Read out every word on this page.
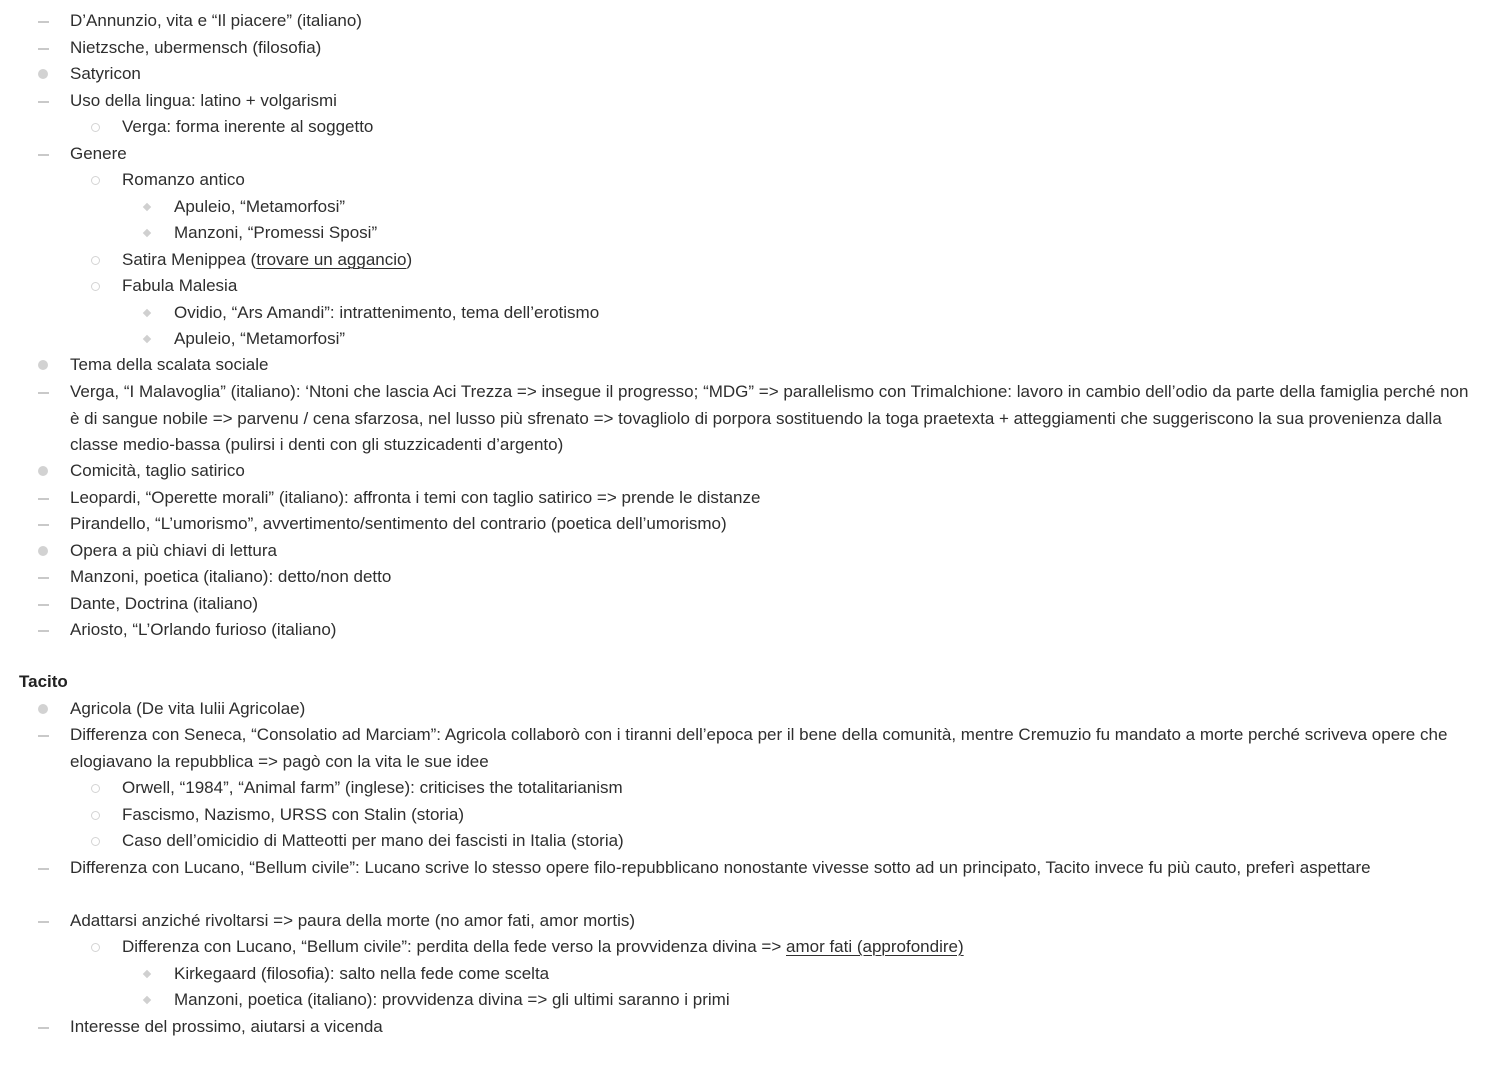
D’Annunzio, vita e “Il piacere” (italiano)
Nietzsche, ubermensch (filosofia)
Satyricon
Uso della lingua: latino + volgarismi
Verga: forma inerente al soggetto
Genere
Romanzo antico
Apuleio, “Metamorfosi”
Manzoni, “Promessi Sposi”
Satira Menippea (trovare un aggancio)
Fabula Malesia
Ovidio, “Ars Amandi”: intrattenimento, tema dell’erotismo
Apuleio, “Metamorfosi”
Tema della scalata sociale
Verga, “I Malavoglia” (italiano): ‘Ntoni che lascia Aci Trezza => insegue il progresso; “MDG” => parallelismo con Trimalchione: lavoro in cambio dell’odio da parte della famiglia perché non è di sangue nobile => parvenu / cena sfarzosa, nel lusso più sfrenato => tovagliolo di porpora sostituendo la toga praetexta + atteggiamenti che suggeriscono la sua provenienza dalla classe medio-bassa (pulirsi i denti con gli stuzzicadenti d’argento)
Comicità, taglio satirico
Leopardi, “Operette morali” (italiano): affronta i temi con taglio satirico => prende le distanze
Pirandello, “L’umorismo”, avvertimento/sentimento del contrario (poetica dell’umorismo)
Opera a più chiavi di lettura
Manzoni, poetica (italiano): detto/non detto
Dante, Doctrina (italiano)
Ariosto, “L’Orlando furioso (italiano)
Tacito
Agricola (De vita Iulii Agricolae)
Differenza con Seneca, “Consolatio ad Marciam”: Agricola collaborò con i tiranni dell’epoca per il bene della comunità, mentre Cremuzio fu mandato a morte perché scriveva opere che elogiavano la repubblica => pagò con la vita le sue idee
Orwell, “1984”, “Animal farm” (inglese): criticises the totalitarianism
Fascismo, Nazismo, URSS con Stalin (storia)
Caso dell’omicidio di Matteotti per mano dei fascisti in Italia (storia)
Differenza con Lucano, “Bellum civile”: Lucano scrive lo stesso opere filo-repubblicano nonostante vivesse sotto ad un principato, Tacito invece fu più cauto, preferì aspettare
Adattarsi anziché rivoltarsi => paura della morte (no amor fati, amor mortis)
Differenza con Lucano, “Bellum civile”: perdita della fede verso la provvidenza divina => amor fati (approfondire)
Kirkegaard (filosofia): salto nella fede come scelta
Manzoni, poetica (italiano): provvidenza divina => gli ultimi saranno i primi
Interesse del prossimo, aiutarsi a vicenda
